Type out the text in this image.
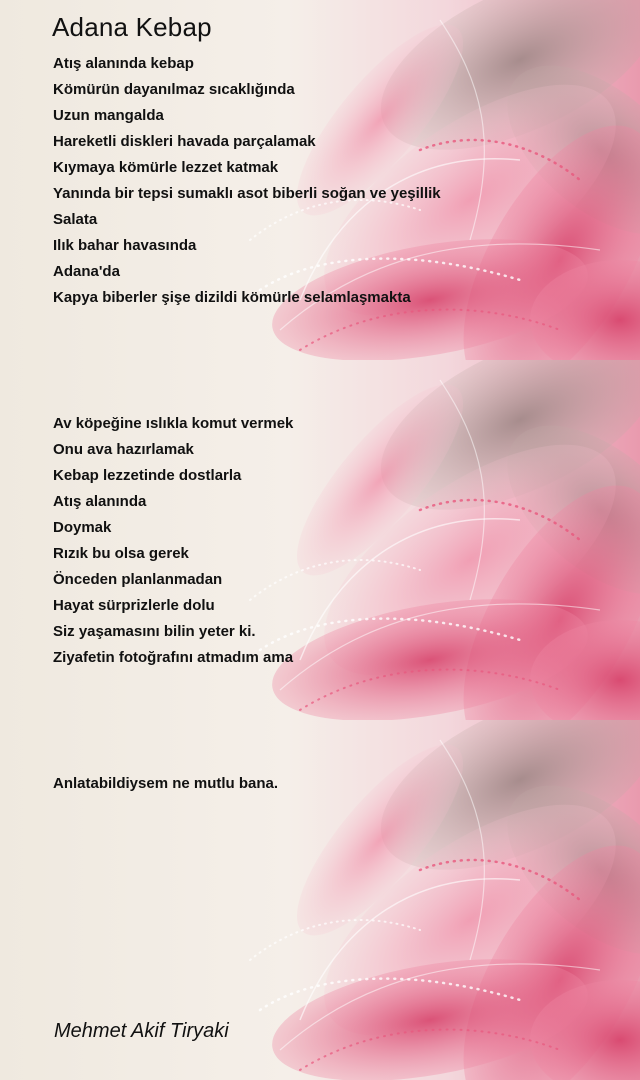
Adana Kebap
Atış alanında kebap
Kömürün dayanılmaz sıcaklığında
Uzun mangalda
Hareketli diskleri havada parçalamak
Kıymaya kömürle lezzet katmak
Yanında bir tepsi sumaklı asot biberli soğan ve yeşillik
Salata
Ilık bahar havasında
Adana'da
Kapya biberler şişe dizildi kömürle selamlaşmakta
Av köpeğine ıslıkla komut vermek
Onu ava hazırlamak
Kebap lezzetinde dostlarla
Atış alanında
Doymak
Rızık bu olsa gerek
Önceden planlanmadan
Hayat sürprizlerle dolu
Siz yaşamasını bilin yeter ki.
Ziyafetin fotoğrafını atmadım ama
Anlatabildiysem ne mutlu bana.
Mehmet Akif Tiryaki
